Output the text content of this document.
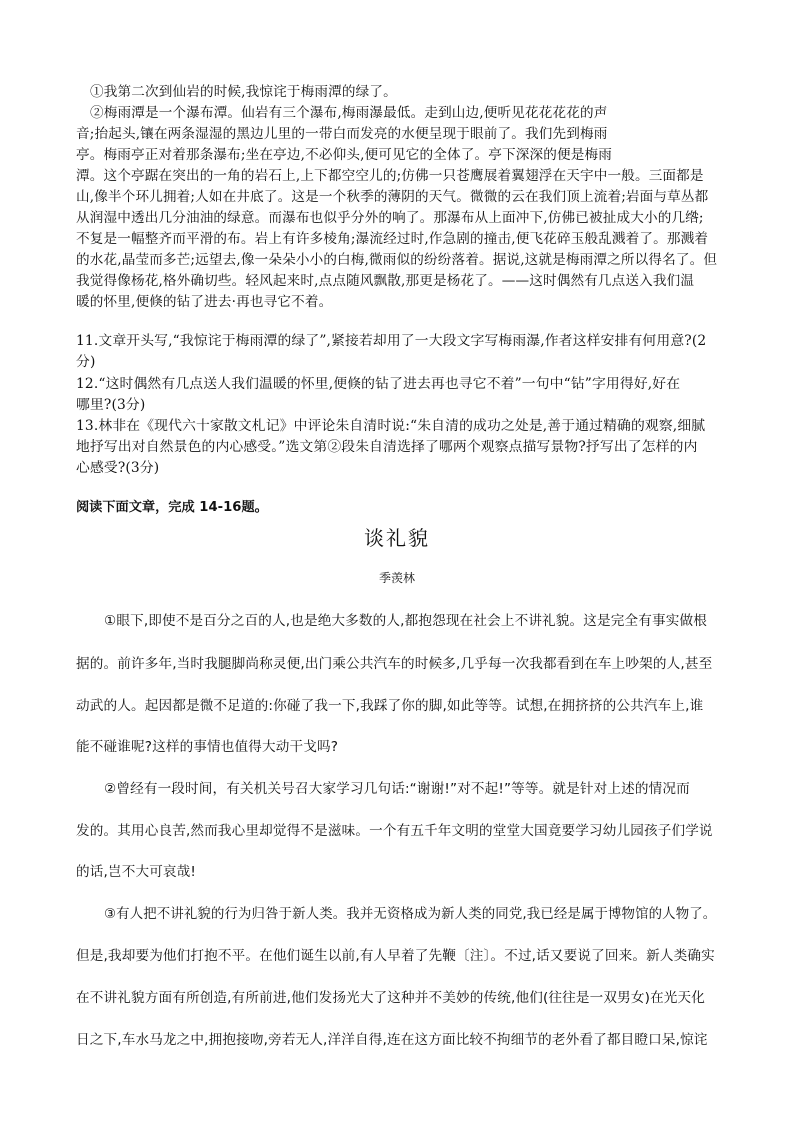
①我第二次到仙岩的时候,我惊诧于梅雨潭的绿了。
②梅雨潭是一个瀑布潭。仙岩有三个瀑布,梅雨瀑最低。走到山边,便听见花花花花的声
音;抬起头,镶在两条湿湿的黑边儿里的一带白而发亮的水便呈现于眼前了。我们先到梅雨
亭。梅雨亭正对着那条瀑布;坐在亭边,不必仰头,便可见它的全体了。亭下深深的便是梅雨
潭。这个亭踞在突出的一角的岩石上,上下都空空儿的;仿佛一只苍鹰展着翼翅浮在天宇中一般。三面都是
山,像半个环儿拥着;人如在井底了。这是一个秋季的薄阴的天气。微微的云在我们顶上流着;岩面与草丛都
从润湿中透出几分油油的绿意。而瀑布也似乎分外的响了。那瀑布从上面冲下,仿佛已被扯成大小的几绺;
不复是一幅整齐而平滑的布。岩上有许多棱角;瀑流经过时,作急剧的撞击,便飞花碎玉般乱溅着了。那溅着
的水花,晶莹而多芒;远望去,像一朵朵小小的白梅,微雨似的纷纷落着。据说,这就是梅雨潭之所以得名了。但
我觉得像杨花,格外确切些。轻风起来时,点点随风飘散,那更是杨花了。——这时偶然有几点送入我们温
暖的怀里,便倏的钻了进去·再也寻它不着。
11.文章开头写,“我惊诧于梅雨潭的绿了”,紧接若却用了一大段文字写梅雨瀑,作者这样安排有何用意?(2
分)
12.“这时偶然有几点送人我们温暖的怀里,便倏的钻了进去再也寻它不着”一句中“钻”字用得好,好在
哪里?(3分)
13.林非在《现代六十家散文札记》中评论朱自清时说:“朱自清的成功之处是,善于通过精确的观察,细腻
地抒写出对自然景色的内心感受。”选文第②段朱自清选择了哪两个观察点描写景物?抒写出了怎样的内
心感受?(3分)
阅读下面文章，完成 14-16题。
谈礼貌
季羡林
①眼下,即使不是百分之百的人,也是绝大多数的人,都抱怨现在社会上不讲礼貌。这是完全有事实做根
据的。前许多年,当时我腿脚尚称灵便,出门乘公共汽车的时候多,几乎每一次我都看到在车上吵架的人,甚至
动武的人。起因都是微不足道的:你碰了我一下,我踩了你的脚,如此等等。试想,在拥挤挤的公共汽车上,谁
能不碰谁呢?这样的事情也值得大动干戈吗?
②曾经有一段时间，有关机关号召大家学习几句话:“谢谢!”对不起!”等等。就是针对上述的情况而
发的。其用心良苦,然而我心里却觉得不是滋味。一个有五千年文明的堂堂大国竟要学习幼儿园孩子们学说
的话,岂不大可哀哉!
③有人把不讲礼貌的行为归咎于新人类。我并无资格成为新人类的同党,我已经是属于博物馆的人物了。
但是,我却要为他们打抱不平。在他们诞生以前,有人早着了先鞭〔注〕。不过,话又要说了回来。新人类确实
在不讲礼貌方面有所创造,有所前进,他们发扬光大了这种并不美妙的传统,他们(往往是一双男女)在光天化
日之下,车水马龙之中,拥抱接吻,旁若无人,洋洋自得,连在这方面比较不拘细节的老外看了都目瞪口呆,惊诧
